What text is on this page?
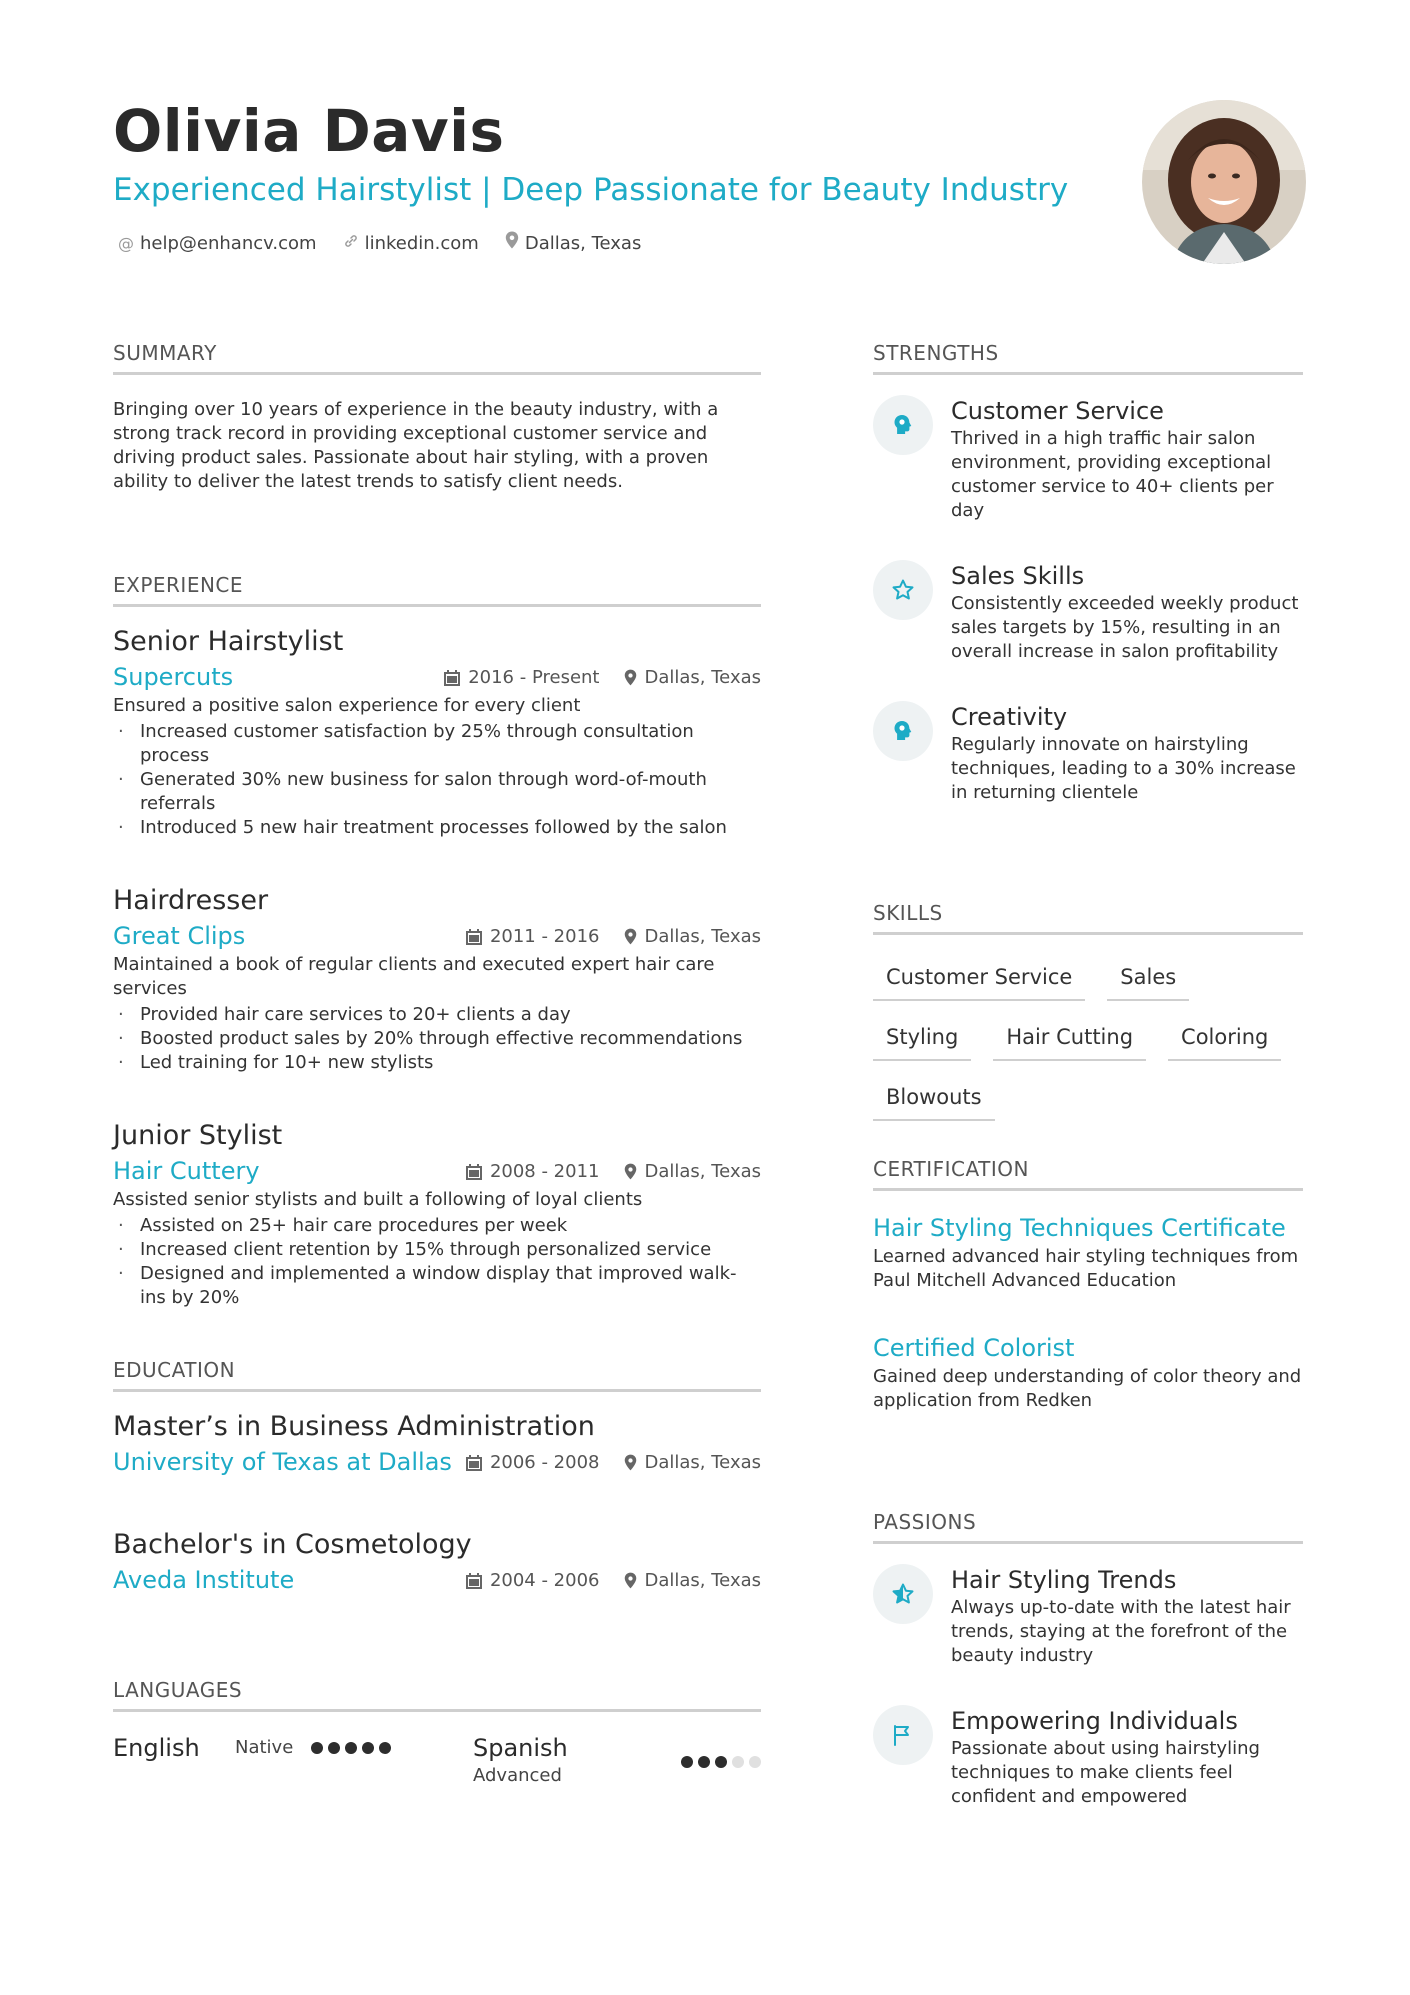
Olivia Davis
Experienced Hairstylist | Deep Passionate for Beauty Industry
@ help@enhancv.com	linkedin.com	Dallas, Texas
SUMMARY
Bringing over 10 years of experience in the beauty industry, with a strong track record in providing exceptional customer service and driving product sales. Passionate about hair styling, with a proven ability to deliver the latest trends to satisfy client needs.
EXPERIENCE
Senior Hairstylist
Supercuts	2016 - Present	Dallas, Texas
Ensured a positive salon experience for every client
· Increased customer satisfaction by 25% through consultation process
· Generated 30% new business for salon through word-of-mouth referrals
· Introduced 5 new hair treatment processes followed by the salon
Hairdresser
Great Clips	2011 - 2016	Dallas, Texas
Maintained a book of regular clients and executed expert hair care services
· Provided hair care services to 20+ clients a day
· Boosted product sales by 20% through effective recommendations
· Led training for 10+ new stylists
Junior Stylist
Hair Cuttery	2008 - 2011	Dallas, Texas
Assisted senior stylists and built a following of loyal clients
· Assisted on 25+ hair care procedures per week
· Increased client retention by 15% through personalized service
· Designed and implemented a window display that improved walk-ins by 20%
EDUCATION
Master’s in Business Administration
University of Texas at Dallas 2006 - 2008	Dallas, Texas
Bachelor's in Cosmetology
Aveda Institute	2004 - 2006	Dallas, Texas
LANGUAGES
English	Native	Spanish
Advanced
STRENGTHS
Customer Service
Thrived in a high traffic hair salon environment, providing exceptional customer service to 40+ clients per day
Sales Skills
Consistently exceeded weekly product sales targets by 15%, resulting in an overall increase in salon profitability
Creativity
Regularly innovate on hairstyling techniques, leading to a 30% increase in returning clientele
SKILLS
Customer Service	Sales
Styling	Hair Cutting	Coloring
Blowouts
CERTIFICATION
Hair Styling Techniques Certificate
Learned advanced hair styling techniques from Paul Mitchell Advanced Education
Certified Colorist
Gained deep understanding of color theory and application from Redken
PASSIONS
Hair Styling Trends
Always up-to-date with the latest hair trends, staying at the forefront of the beauty industry
Empowering Individuals
Passionate about using hairstyling techniques to make clients feel confident and empowered
